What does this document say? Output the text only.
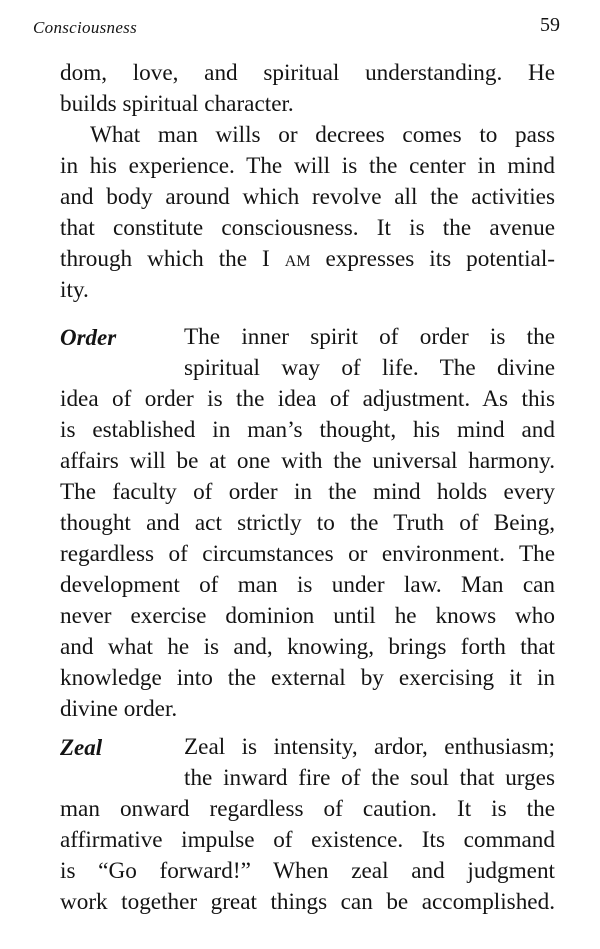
Consciousness	59
dom, love, and spiritual understanding. He
builds spiritual character.
What man wills or decrees comes to pass
in his experience. The will is the center in mind
and body around which revolve all the activities
that constitute consciousness. It is the avenue
through which the I am expresses its potential-
ity.
Order	The inner spirit of order is the
spiritual way of life. The divine
idea of order is the idea of adjustment. As this
is established in man’s thought, his mind and
affairs will be at one with the universal harmony.
The faculty of order in the mind holds every
thought and act strictly to the Truth of Being,
regardless of circumstances or environment. The
development of man is under law. Man can
never exercise dominion until he knows who
and what he is and, knowing, brings forth that
knowledge into the external by exercising it in
divine order.
Zeal	Zeal is intensity, ardor, enthusiasm;
the inward fire of the soul that urges
man onward regardless of caution. It is the
affirmative impulse of existence. Its command
is “Go forward!” When zeal and judgment
work together great things can be accomplished.
